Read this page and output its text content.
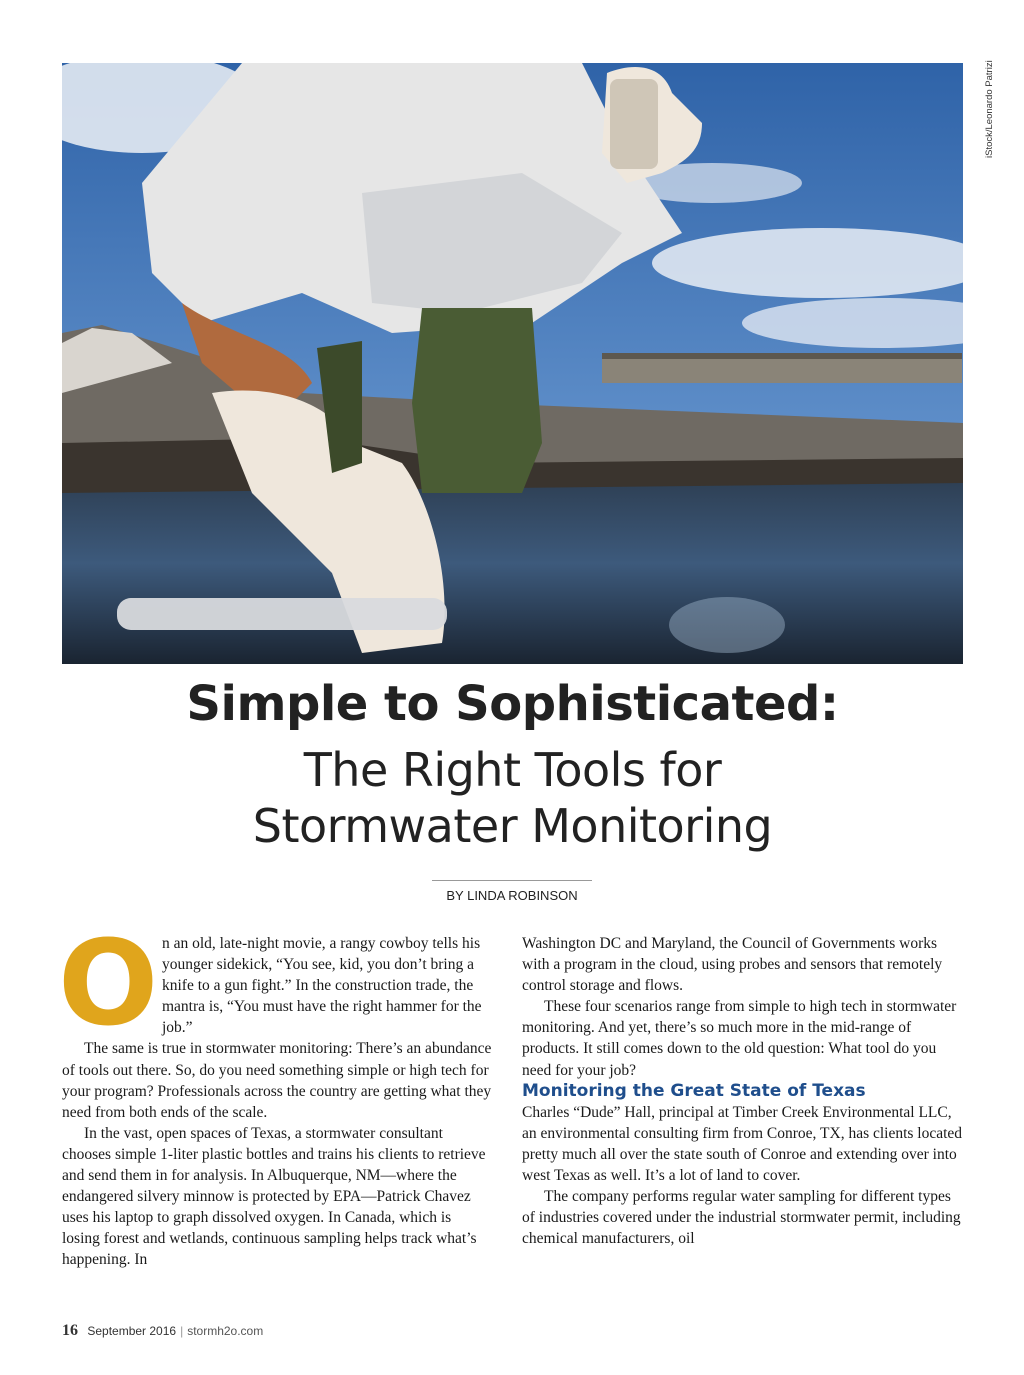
iStock/Leonardo Patrizi
Simple to Sophisticated:
The Right Tools for
Stormwater Monitoring
BY LINDA ROBINSON
O n an old, late-night movie, a rangy cowboy tells his younger sidekick, “You see, kid, you don’t bring a knife to a gun fight.” In the construction trade, the mantra is, “You must have the right hammer for the job.”

The same is true in stormwater monitoring: There’s an abundance of tools out there. So, do you need something simple or high tech for your program? Professionals across the country are getting what they need from both ends of the scale.

In the vast, open spaces of Texas, a stormwater consultant chooses simple 1-liter plastic bottles and trains his clients to retrieve and send them in for analysis. In Albuquerque, NM—where the endangered silvery minnow is protected by EPA—Patrick Chavez uses his laptop to graph dissolved oxygen. In Canada, which is losing forest and wetlands, continuous sampling helps track what’s happening. In

Washington DC and Maryland, the Council of Governments works with a program in the cloud, using probes and sensors that remotely control storage and flows.

These four scenarios range from simple to high tech in stormwater monitoring. And yet, there’s so much more in the mid-range of products. It still comes down to the old question: What tool do you need for your job?

Monitoring the Great State of Texas

Charles “Dude” Hall, principal at Timber Creek Environmental LLC, an environmental consulting firm from Conroe, TX, has clients located pretty much all over the state south of Conroe and extending over into west Texas as well. It’s a lot of land to cover.

The company performs regular water sampling for different types of industries covered under the industrial stormwater permit, including chemical manufacturers, oil

16 September 2016 | stormh2o.com
